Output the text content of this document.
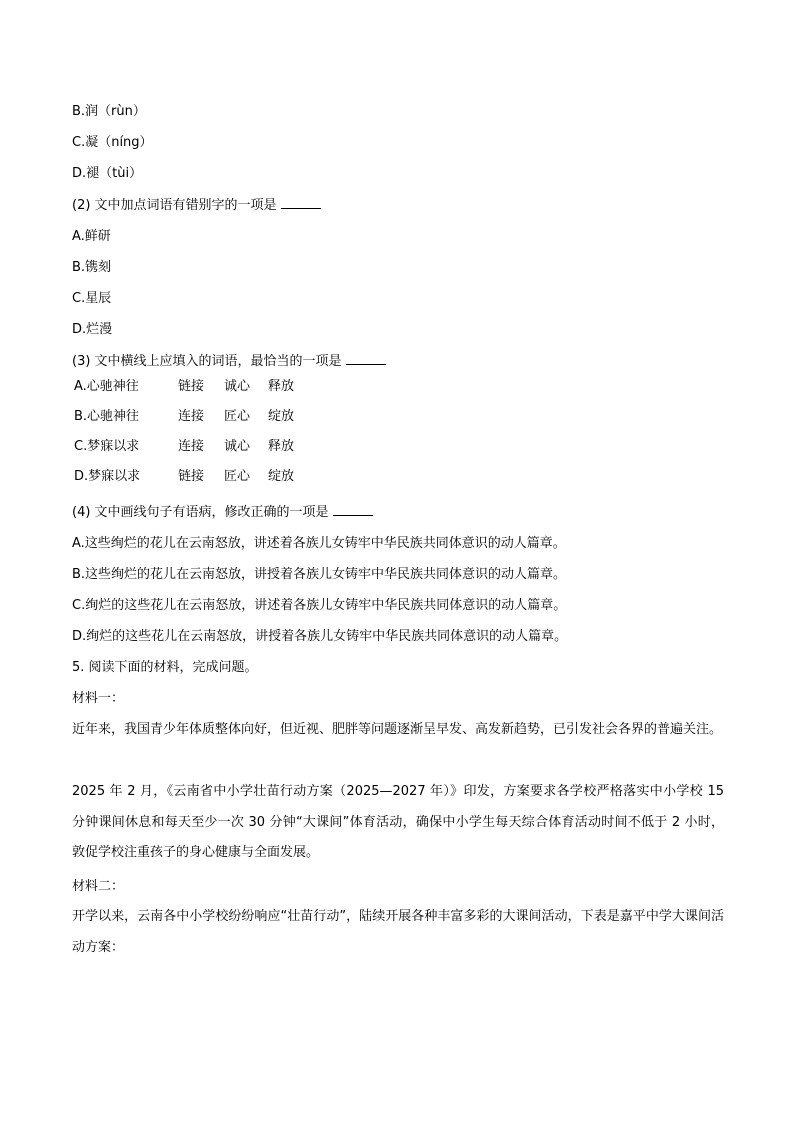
B.润（rùn）
C.凝（níng）
D.褪（tùi）
(2) 文中加点词语有错别字的一项是
A.鲜研
B.镌刻
C.星辰
D.烂漫
(3) 文中横线上应填入的词语，最恰当的一项是
A.心驰神往	链接 诚心 释放
B.心驰神往	连接 匠心 绽放
C.梦寐以求	连接 诚心 释放
D.梦寐以求	链接 匠心 绽放
(4) 文中画线句子有语病，修改正确的一项是
A.这些绚烂的花儿在云南怒放，讲述着各族儿女铸牢中华民族共同体意识的动人篇章。
B.这些绚烂的花儿在云南怒放，讲授着各族儿女铸牢中华民族共同体意识的动人篇章。
C.绚烂的这些花儿在云南怒放，讲述着各族儿女铸牢中华民族共同体意识的动人篇章。
D.绚烂的这些花儿在云南怒放，讲授着各族儿女铸牢中华民族共同体意识的动人篇章。
5. 阅读下面的材料，完成问题。
材料一：
近年来，我国青少年体质整体向好，但近视、肥胖等问题逐渐呈早发、高发新趋势，已引发社会各界的普遍关注。
2025 年 2 月，《云南省中小学壮苗行动方案（2025—2027 年）》印发，方案要求各学校严格落实中小学校 15 分钟课间休息和每天至少一次 30 分钟“大课间”体育活动，确保中小学生每天综合体育活动时间不低于 2 小时，敦促学校注重孩子的身心健康与全面发展。
材料二：
开学以来，云南各中小学校纷纷响应“壮苗行动”，陆续开展各种丰富多彩的大课间活动，下表是嘉平中学大课间活动方案：
